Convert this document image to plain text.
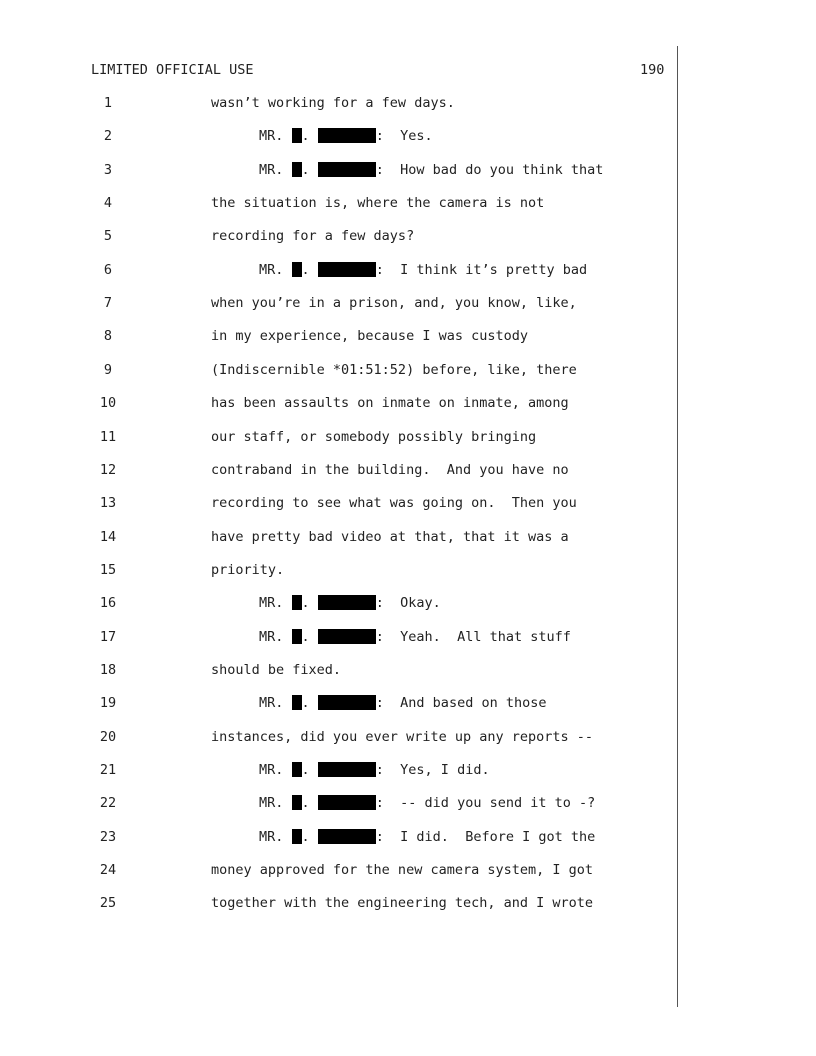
LIMITED OFFICIAL USE	190
1	wasn’t working for a few days.
2	MR. .	:  Yes.
3	MR. .	:  How bad do you think that
4	the situation is, where the camera is not
5	recording for a few days?
6	MR. .	:  I think it’s pretty bad
7	when you’re in a prison, and, you know, like,
8	in my experience, because I was custody
9	(Indiscernible *01:51:52) before, like, there
10	has been assaults on inmate on inmate, among
11	our staff, or somebody possibly bringing
12	contraband in the building.  And you have no
13	recording to see what was going on.  Then you
14	have pretty bad video at that, that it was a
15	priority.
16	MR. .	:  Okay.
17	MR. .	:  Yeah.  All that stuff
18	should be fixed.
19	MR. .	:  And based on those
20	instances, did you ever write up any reports --
21	MR. .	:  Yes, I did.
22	MR. .	:  -- did you send it to -?
23	MR. .	:  I did.  Before I got the
24	money approved for the new camera system, I got
25	together with the engineering tech, and I wrote
